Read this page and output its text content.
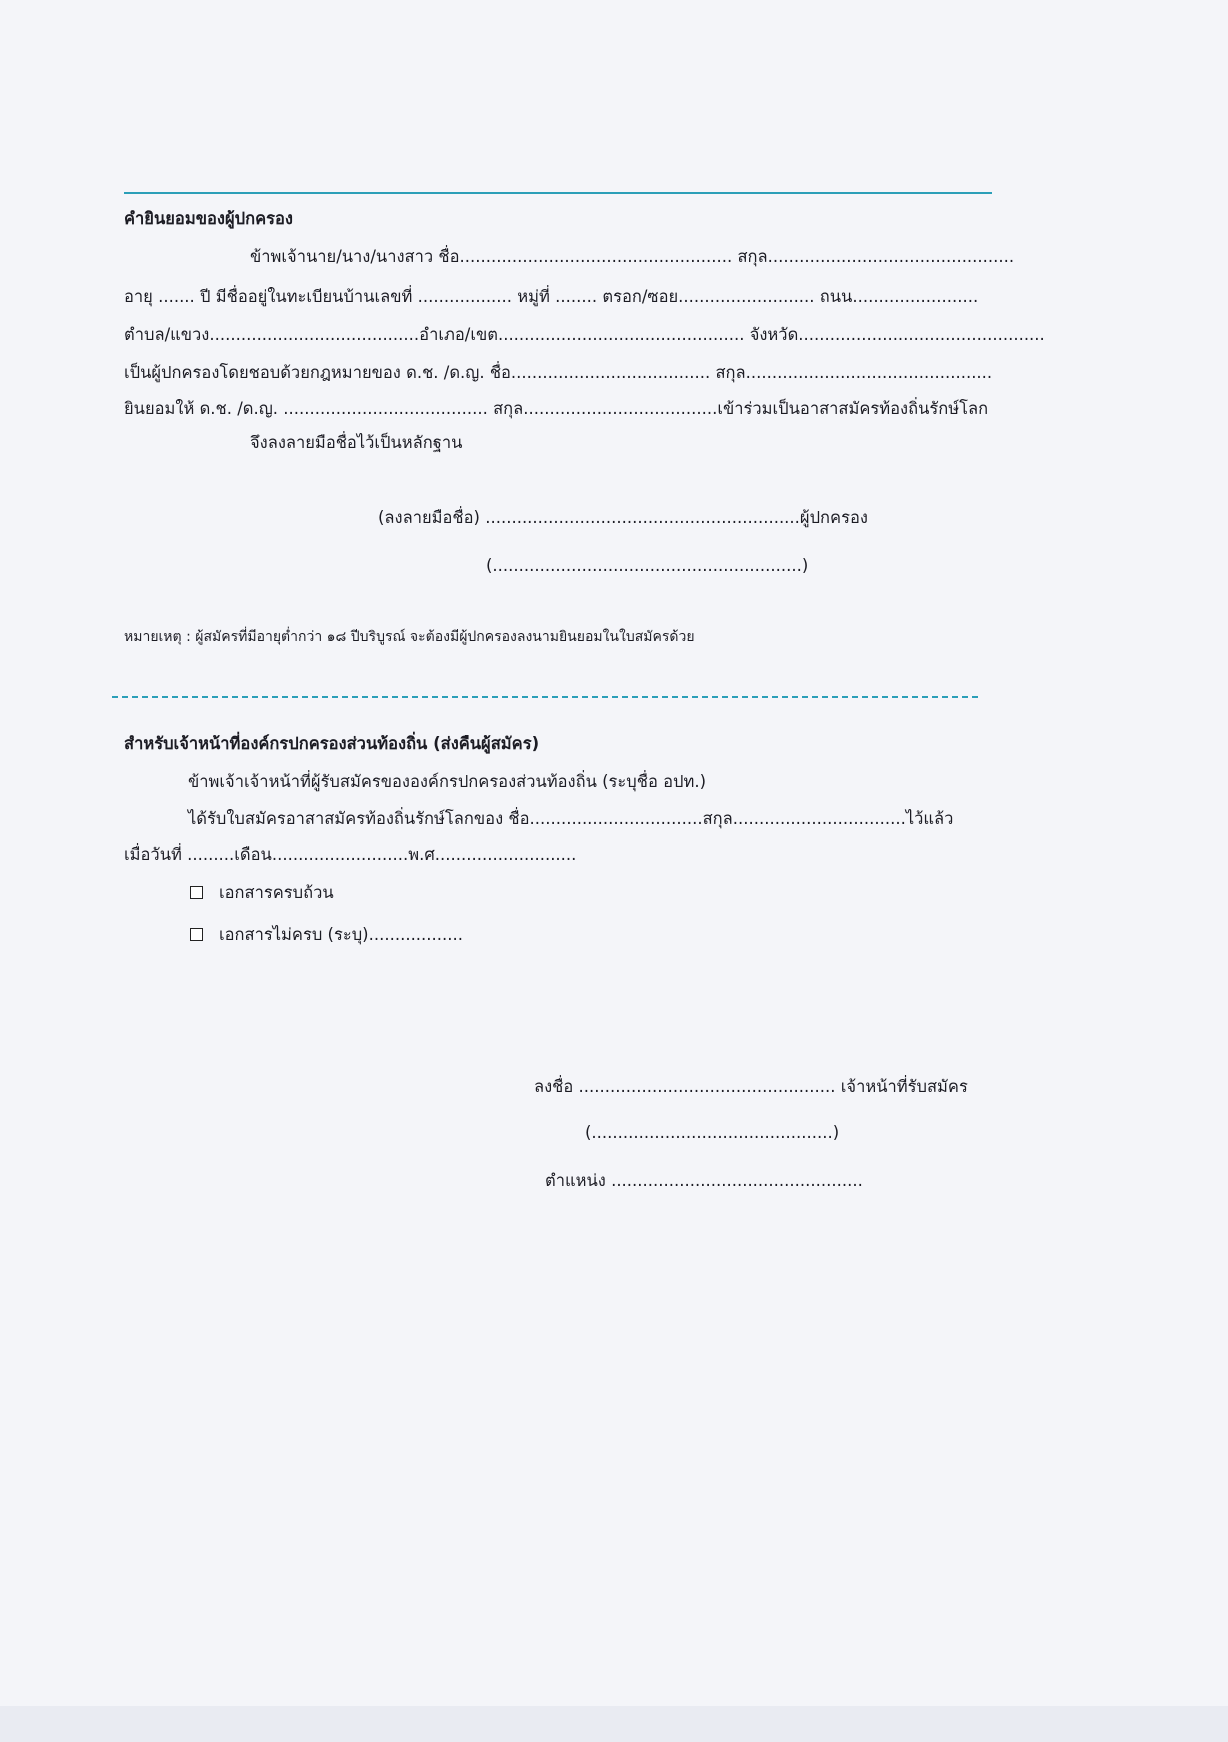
คำยินยอมของผู้ปกครอง
ข้าพเจ้านาย/นาง/นางสาว ชื่อ.................................................... สกุล...............................................
อายุ ....... ปี มีชื่ออยู่ในทะเบียนบ้านเลขที่ .................. หมู่ที่ ........ ตรอก/ซอย.......................... ถนน........................
ตำบล/แขวง........................................อำเภอ/เขต............................................... จังหวัด...............................................
เป็นผู้ปกครองโดยชอบด้วยกฎหมายของ ด.ช. /ด.ญ. ชื่อ...................................... สกุล...............................................
ยินยอมให้ ด.ช. /ด.ญ. ....................................... สกุล.....................................เข้าร่วมเป็นอาสาสมัครท้องถิ่นรักษ์โลก
จึงลงลายมือชื่อไว้เป็นหลักฐาน
(ลงลายมือชื่อ) ............................................................ผู้ปกครอง
(...........................................................)
หมายเหตุ : ผู้สมัครที่มีอายุต่ำกว่า ๑๘ ปีบริบูรณ์ จะต้องมีผู้ปกครองลงนามยินยอมในใบสมัครด้วย
สำหรับเจ้าหน้าที่องค์กรปกครองส่วนท้องถิ่น (ส่งคืนผู้สมัคร)
ข้าพเจ้าเจ้าหน้าที่ผู้รับสมัครขององค์กรปกครองส่วนท้องถิ่น (ระบุชื่อ อปท.)
ได้รับใบสมัครอาสาสมัครท้องถิ่นรักษ์โลกของ ชื่อ.................................สกุล.................................ไว้แล้ว
เมื่อวันที่ .........เดือน..........................พ.ศ...........................
เอกสารครบถ้วน
เอกสารไม่ครบ (ระบุ)..................
ลงชื่อ ................................................. เจ้าหน้าที่รับสมัคร
(..............................................)
ตำแหน่ง ................................................
